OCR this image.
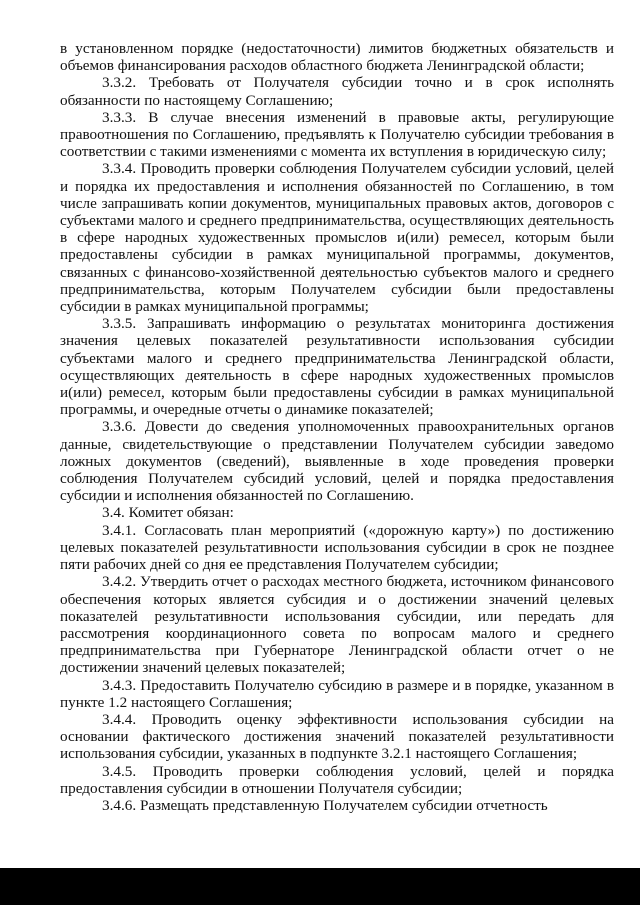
в установленном порядке (недостаточности) лимитов бюджетных обязательств и объемов финансирования расходов областного бюджета Ленинградской области;

3.3.2. Требовать от Получателя субсидии точно и в срок исполнять обязанности по настоящему Соглашению;

3.3.3. В случае внесения изменений в правовые акты, регулирующие правоотношения по Соглашению, предъявлять к Получателю субсидии требования в соответствии с такими изменениями с момента их вступления в юридическую силу;

3.3.4. Проводить проверки соблюдения Получателем субсидии условий, целей и порядка их предоставления и исполнения обязанностей по Соглашению, в том числе запрашивать копии документов, муниципальных правовых актов, договоров с субъектами малого и среднего предпринимательства, осуществляющих деятельность в сфере народных художественных промыслов и(или) ремесел, которым были предоставлены субсидии в рамках муниципальной программы, документов, связанных с финансово-хозяйственной деятельностью субъектов малого и среднего предпринимательства, которым Получателем субсидии были предоставлены субсидии в рамках муниципальной программы;

3.3.5. Запрашивать информацию о результатах мониторинга достижения значения целевых показателей результативности использования субсидии субъектами малого и среднего предпринимательства Ленинградской области, осуществляющих деятельность в сфере народных художественных промыслов и(или) ремесел, которым были предоставлены субсидии в рамках муниципальной программы, и очередные отчеты о динамике показателей;

3.3.6. Довести до сведения уполномоченных правоохранительных органов данные, свидетельствующие о представлении Получателем субсидии заведомо ложных документов (сведений), выявленные в ходе проведения проверки соблюдения Получателем субсидий условий, целей и порядка предоставления субсидии и исполнения обязанностей по Соглашению.

3.4. Комитет обязан:

3.4.1. Согласовать план мероприятий («дорожную карту») по достижению целевых показателей результативности использования субсидии в срок не позднее пяти рабочих дней со дня ее представления Получателем субсидии;

3.4.2. Утвердить отчет о расходах местного бюджета, источником финансового обеспечения которых является субсидия и о достижении значений целевых показателей результативности использования субсидии, или передать для рассмотрения координационного совета по вопросам малого и среднего предпринимательства при Губернаторе Ленинградской области отчет о не достижении значений целевых показателей;

3.4.3. Предоставить Получателю субсидию в размере и в порядке, указанном в пункте 1.2 настоящего Соглашения;

3.4.4. Проводить оценку эффективности использования субсидии на основании фактического достижения значений показателей результативности использования субсидии, указанных в подпункте 3.2.1 настоящего Соглашения;

3.4.5. Проводить проверки соблюдения условий, целей и порядка предоставления субсидии в отношении Получателя субсидии;

3.4.6. Размещать представленную Получателем субсидии отчетность
